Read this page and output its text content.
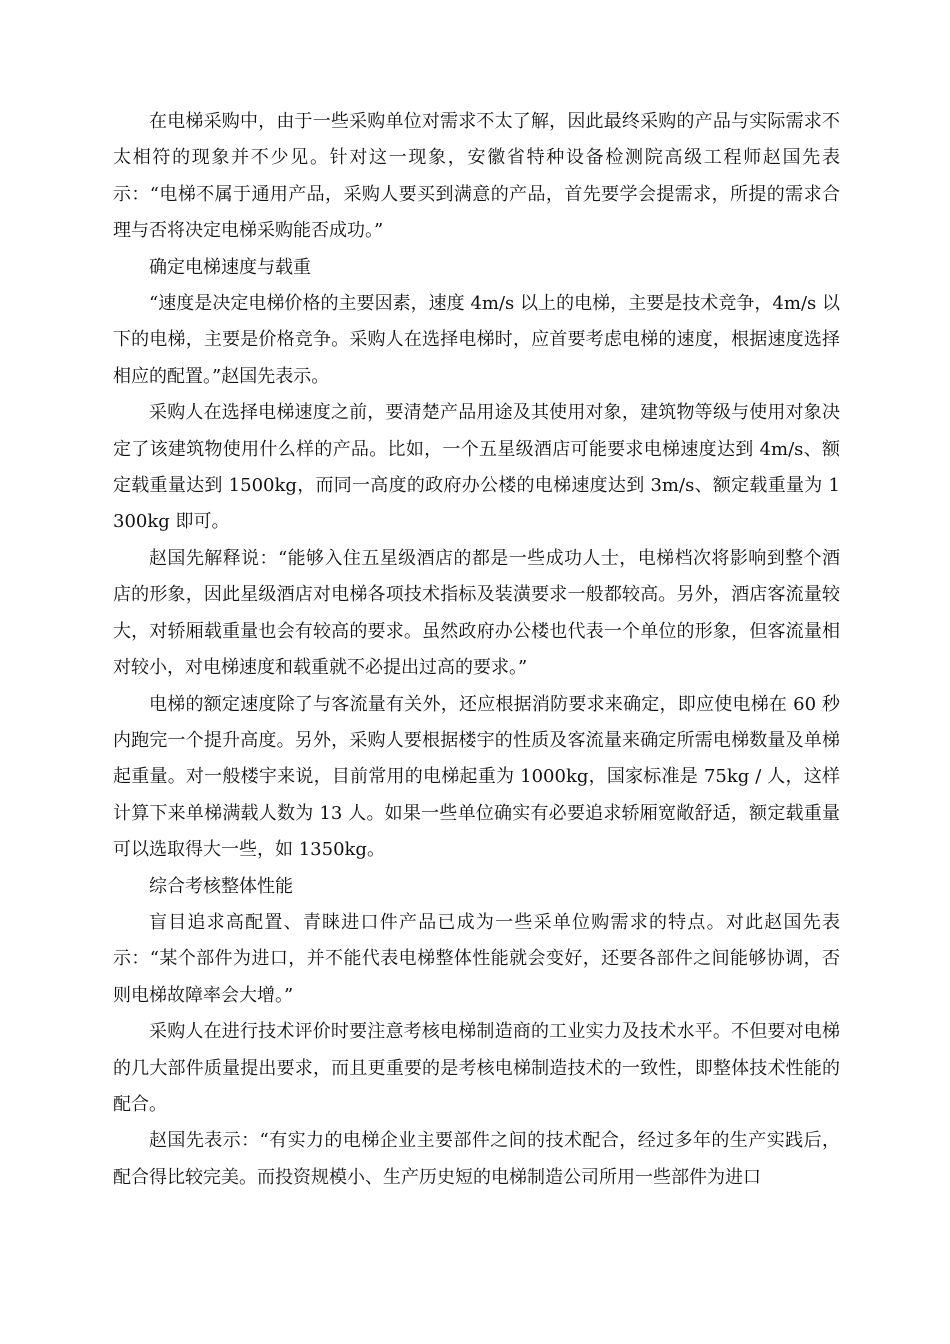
在电梯采购中，由于一些采购单位对需求不太了解，因此最终采购的产品与实际需求不太相符的现象并不少见。针对这一现象，安徽省特种设备检测院高级工程师赵国先表示：“电梯不属于通用产品，采购人要买到满意的产品，首先要学会提需求，所提的需求合理与否将决定电梯采购能否成功。”

确定电梯速度与载重

“速度是决定电梯价格的主要因素，速度 4m/s 以上的电梯，主要是技术竞争，4m/s 以下的电梯，主要是价格竞争。采购人在选择电梯时，应首要考虑电梯的速度，根据速度选择相应的配置。”赵国先表示。

采购人在选择电梯速度之前，要清楚产品用途及其使用对象，建筑物等级与使用对象决定了该建筑物使用什么样的产品。比如，一个五星级酒店可能要求电梯速度达到 4m/s、额定载重量达到 1500kg，而同一高度的政府办公楼的电梯速度达到 3m/s、额定载重量为 1300kg 即可。

赵国先解释说：“能够入住五星级酒店的都是一些成功人士，电梯档次将影响到整个酒店的形象，因此星级酒店对电梯各项技术指标及装潢要求一般都较高。另外，酒店客流量较大，对轿厢载重量也会有较高的要求。虽然政府办公楼也代表一个单位的形象，但客流量相对较小，对电梯速度和载重就不必提出过高的要求。”

电梯的额定速度除了与客流量有关外，还应根据消防要求来确定，即应使电梯在 60 秒内跑完一个提升高度。另外，采购人要根据楼宇的性质及客流量来确定所需电梯数量及单梯起重量。对一般楼宇来说，目前常用的电梯起重为 1000kg，国家标准是 75kg / 人，这样计算下来单梯满载人数为 13 人。如果一些单位确实有必要追求轿厢宽敞舒适，额定载重量可以选取得大一些，如 1350kg。

综合考核整体性能

盲目追求高配置、青睐进口件产品已成为一些采单位购需求的特点。对此赵国先表示：“某个部件为进口，并不能代表电梯整体性能就会变好，还要各部件之间能够协调，否则电梯故障率会大增。”

采购人在进行技术评价时要注意考核电梯制造商的工业实力及技术水平。不但要对电梯的几大部件质量提出要求，而且更重要的是考核电梯制造技术的一致性，即整体技术性能的配合。

赵国先表示：“有实力的电梯企业主要部件之间的技术配合，经过多年的生产实践后，配合得比较完美。而投资规模小、生产历史短的电梯制造公司所用一些部件为进口
